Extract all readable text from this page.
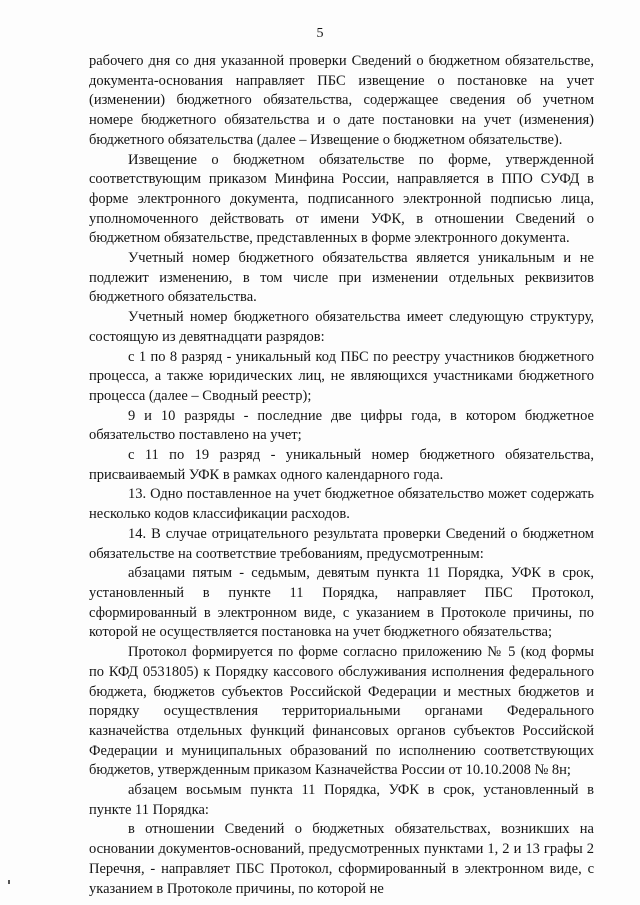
5

рабочего дня со дня указанной проверки Сведений о бюджетном обязательстве, документа-основания направляет ПБС извещение о постановке на учет (изменении) бюджетного обязательства, содержащее сведения об учетном номере бюджетного обязательства и о дате постановки на учет (изменения) бюджетного обязательства (далее – Извещение о бюджетном обязательстве).

Извещение о бюджетном обязательстве по форме, утвержденной соответствующим приказом Минфина России, направляется в ППО СУФД в форме электронного документа, подписанного электронной подписью лица, уполномоченного действовать от имени УФК, в отношении Сведений о бюджетном обязательстве, представленных в форме электронного документа.

Учетный номер бюджетного обязательства является уникальным и не подлежит изменению, в том числе при изменении отдельных реквизитов бюджетного обязательства.

Учетный номер бюджетного обязательства имеет следующую структуру, состоящую из девятнадцати разрядов:

с 1 по 8 разряд - уникальный код ПБС по реестру участников бюджетного процесса, а также юридических лиц, не являющихся участниками бюджетного процесса (далее – Сводный реестр);

9 и 10 разряды - последние две цифры года, в котором бюджетное обязательство поставлено на учет;

с 11 по 19 разряд - уникальный номер бюджетного обязательства, присваиваемый УФК в рамках одного календарного года.

13. Одно поставленное на учет бюджетное обязательство может содержать несколько кодов классификации расходов.

14. В случае отрицательного результата проверки Сведений о бюджетном обязательстве на соответствие требованиям, предусмотренным:

абзацами пятым - седьмым, девятым пункта 11 Порядка, УФК в срок, установленный в пункте 11 Порядка, направляет ПБС Протокол, сформированный в электронном виде, с указанием в Протоколе причины, по которой не осуществляется постановка на учет бюджетного обязательства;

Протокол формируется по форме согласно приложению № 5 (код формы по КФД 0531805) к Порядку кассового обслуживания исполнения федерального бюджета, бюджетов субъектов Российской Федерации и местных бюджетов и порядку осуществления территориальными органами Федерального казначейства отдельных функций финансовых органов субъектов Российской Федерации и муниципальных образований по исполнению соответствующих бюджетов, утвержденным приказом Казначейства России от 10.10.2008 № 8н;

абзацем восьмым пункта 11 Порядка, УФК в срок, установленный в пункте 11 Порядка:

в отношении Сведений о бюджетных обязательствах, возникших на основании документов-оснований, предусмотренных пунктами 1, 2 и 13 графы 2 Перечня, - направляет ПБС Протокол, сформированный в электронном виде, с указанием в Протоколе причины, по которой не
